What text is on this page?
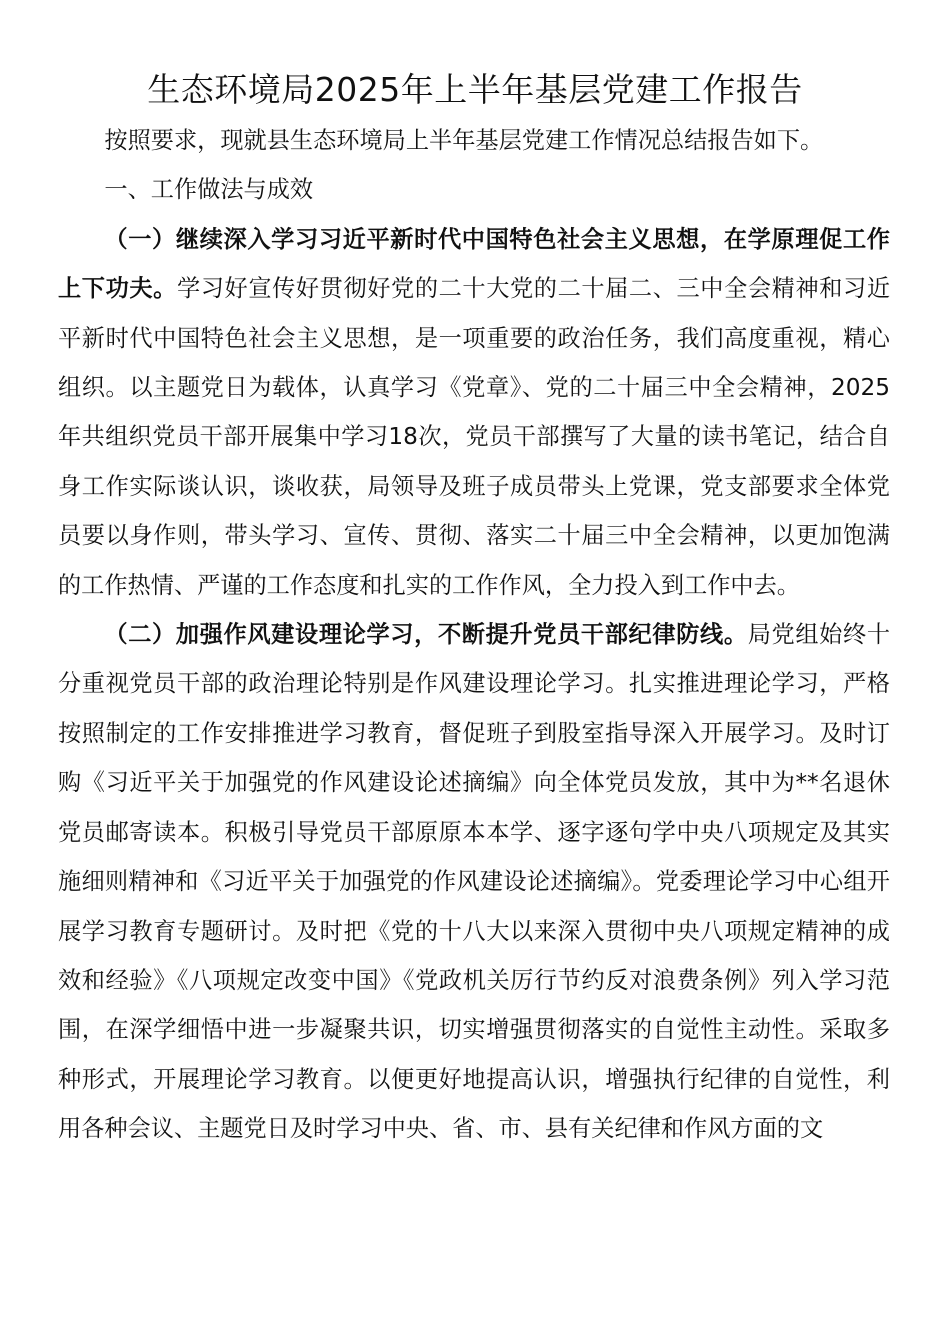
生态环境局2025年上半年基层党建工作报告

按照要求，现就县生态环境局上半年基层党建工作情况总结报告如下。

一、工作做法与成效

（一）继续深入学习习近平新时代中国特色社会主义思想，在学原理促工作上下功夫。学习好宣传好贯彻好党的二十大党的二十届二、三中全会精神和习近平新时代中国特色社会主义思想，是一项重要的政治任务，我们高度重视，精心组织。以主题党日为载体，认真学习《党章》、党的二十届三中全会精神，2025年共组织党员干部开展集中学习18次，党员干部撰写了大量的读书笔记，结合自身工作实际谈认识，谈收获，局领导及班子成员带头上党课，党支部要求全体党员要以身作则，带头学习、宣传、贯彻、落实二十届三中全会精神，以更加饱满的工作热情、严谨的工作态度和扎实的工作作风，全力投入到工作中去。

（二）加强作风建设理论学习，不断提升党员干部纪律防线。局党组始终十分重视党员干部的政治理论特别是作风建设理论学习。扎实推进理论学习，严格按照制定的工作安排推进学习教育，督促班子到股室指导深入开展学习。及时订购《习近平关于加强党的作风建设论述摘编》向全体党员发放，其中为**名退休党员邮寄读本。积极引导党员干部原原本本学、逐字逐句学中央八项规定及其实施细则精神和《习近平关于加强党的作风建设论述摘编》。党委理论学习中心组开展学习教育专题研讨。及时把《党的十八大以来深入贯彻中央八项规定精神的成效和经验》《八项规定改变中国》《党政机关厉行节约反对浪费条例》列入学习范围，在深学细悟中进一步凝聚共识，切实增强贯彻落实的自觉性主动性。采取多种形式，开展理论学习教育。以便更好地提高认识，增强执行纪律的自觉性，利用各种会议、主题党日及时学习中央、省、市、县有关纪律和作风方面的文
